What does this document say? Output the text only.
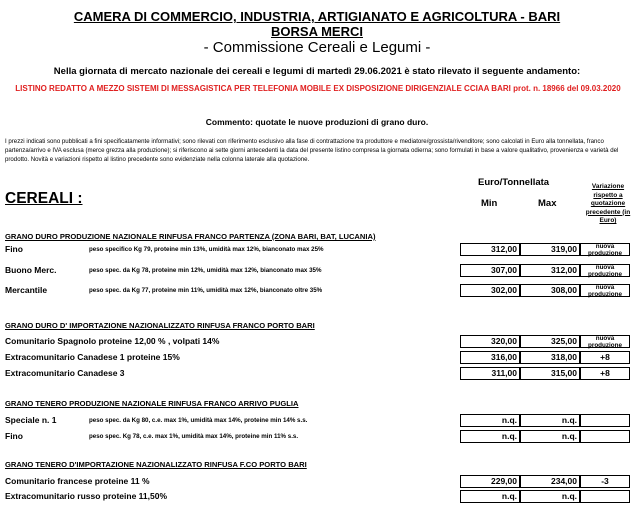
CAMERA DI COMMERCIO, INDUSTRIA, ARTIGIANATO E AGRICOLTURA - BARI
BORSA MERCI
- Commissione Cereali e Legumi -
Nella giornata di mercato nazionale dei cereali e legumi di martedì 29.06.2021 è stato rilevato il seguente andamento:
LISTINO REDATTO A MEZZO SISTEMI DI MESSAGISTICA PER TELEFONIA MOBILE EX DISPOSIZIONE DIRIGENZIALE CCIAA BARI prot. n. 18966 del 09.03.2020
Commento: quotate le nuove produzioni di grano duro.
I prezzi indicati sono pubblicati a fini specificatamente informativi; sono rilevati con riferimento esclusivo alla fase di contrattazione tra produttore e mediatore/grossista/rivenditore; sono calcolati in Euro alla tonnellata, franco partenza/arrivo e IVA esclusa (merce grezza alla produzione); si riferiscono ai sette giorni antecedenti la data del presente listino compresa la giornata odierna; sono formulati in base a valore qualitativo, provenienza e varietà del prodotto. Novità e variazioni rispetto al listino precedente sono evidenziate nella colonna laterale alla quotazione.
CEREALI :
Euro/Tonnellata
Min	Max
Variazione rispetto a quotazione precedente (in Euro)
GRANO DURO PRODUZIONE NAZIONALE RINFUSA FRANCO PARTENZA (ZONA BARI, BAT, LUCANIA)
Fino	peso specifico Kg 79, proteine min 13%, umidità max 12%, bianconato max 25%	312,00	319,00	nuova produzione
Buono Merc.	peso spec. da Kg 78, proteine min 12%, umidità max 12%, bianconato max 35%	307,00	312,00	nuova produzione
Mercantile	peso spec. da Kg 77, proteine min 11%, umidità max 12%, bianconato oltre 35%	302,00	308,00	nuova produzione
GRANO DURO D' IMPORTAZIONE NAZIONALIZZATO RINFUSA FRANCO PORTO BARI
Comunitario Spagnolo proteine 12,00 % , volpati 14%	320,00	325,00	nuova produzione
Extracomunitario Canadese 1 proteine 15%	316,00	318,00	+8
Extracomunitario Canadese 3	311,00	315,00	+8
GRANO TENERO PRODUZIONE NAZIONALE RINFUSA FRANCO ARRIVO PUGLIA
Speciale n. 1	peso spec. da Kg 80, c.e. max 1%, umidità max 14%, proteine min 14% s.s.	n.q.	n.q.
Fino	peso spec. Kg 78, c.e. max 1%, umidità max 14%, proteine min 11% s.s.	n.q.	n.q.
GRANO TENERO D'IMPORTAZIONE NAZIONALIZZATO RINFUSA F.CO PORTO BARI
Comunitario francese proteine 11 %	229,00	234,00	-3
Extracomunitario russo proteine 11,50%	n.q.	n.q.
